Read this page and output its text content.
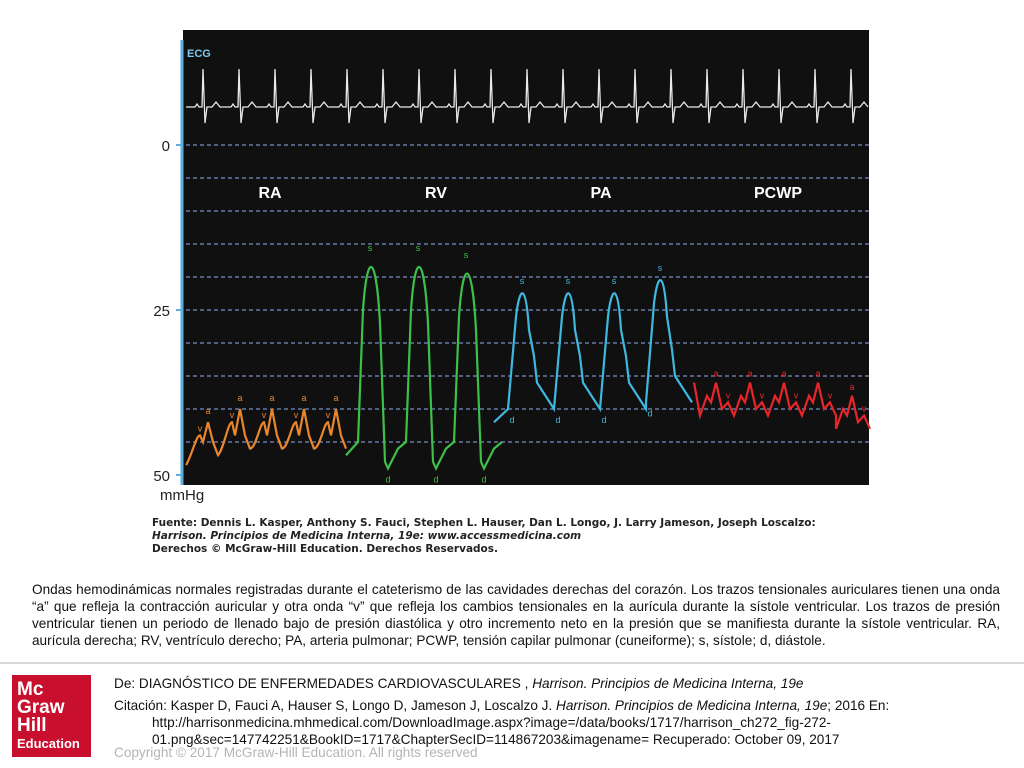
ECG
50
25
0
mmHg
RA	RV	PA	PCWP
a
v
a
v
a
v
a
v
a
v
s
d
s
d
s
d
s
d
s
d
s
d
s
d
a
v
a
v
a
v
a
v
a
v
Fuente: Dennis L. Kasper, Anthony S. Fauci, Stephen L. Hauser, Dan L. Longo, J. Larry Jameson, Joseph Loscalzo:
Harrison. Principios de Medicina Interna, 19e: www.accessmedicina.com
Derechos © McGraw-Hill Education. Derechos Reservados.
Ondas hemodinámicas normales registradas durante el cateterismo de las cavidades derechas del corazón. Los trazos tensionales auriculares tienen una onda “a” que refleja la contracción auricular y otra onda “v” que refleja los cambios tensionales en la aurícula durante la sístole ventricular. Los trazos de presión ventricular tienen un periodo de llenado bajo de presión diastólica y otro incremento neto en la presión que se manifiesta durante la sístole ventricular. RA, aurícula derecha; RV, ventrículo derecho; PA, arteria pulmonar; PCWP, tensión capilar pulmonar (cuneiforme); s, sístole; d, diástole.
Mc
Graw
Hill
Education
De: DIAGNÓSTICO DE ENFERMEDADES CARDIOVASCULARES , Harrison. Principios de Medicina Interna, 19e
Citación: Kasper D, Fauci A, Hauser S, Longo D, Jameson J, Loscalzo J. Harrison. Principios de Medicina Interna, 19e; 2016 En:
http://harrisonmedicina.mhmedical.com/DownloadImage.aspx?image=/data/books/1717/harrison_ch272_fig-272-
01.png&sec=147742251&BookID=1717&ChapterSecID=114867203&imagename= Recuperado: October 09, 2017
Copyright © 2017 McGraw-Hill Education. All rights reserved
